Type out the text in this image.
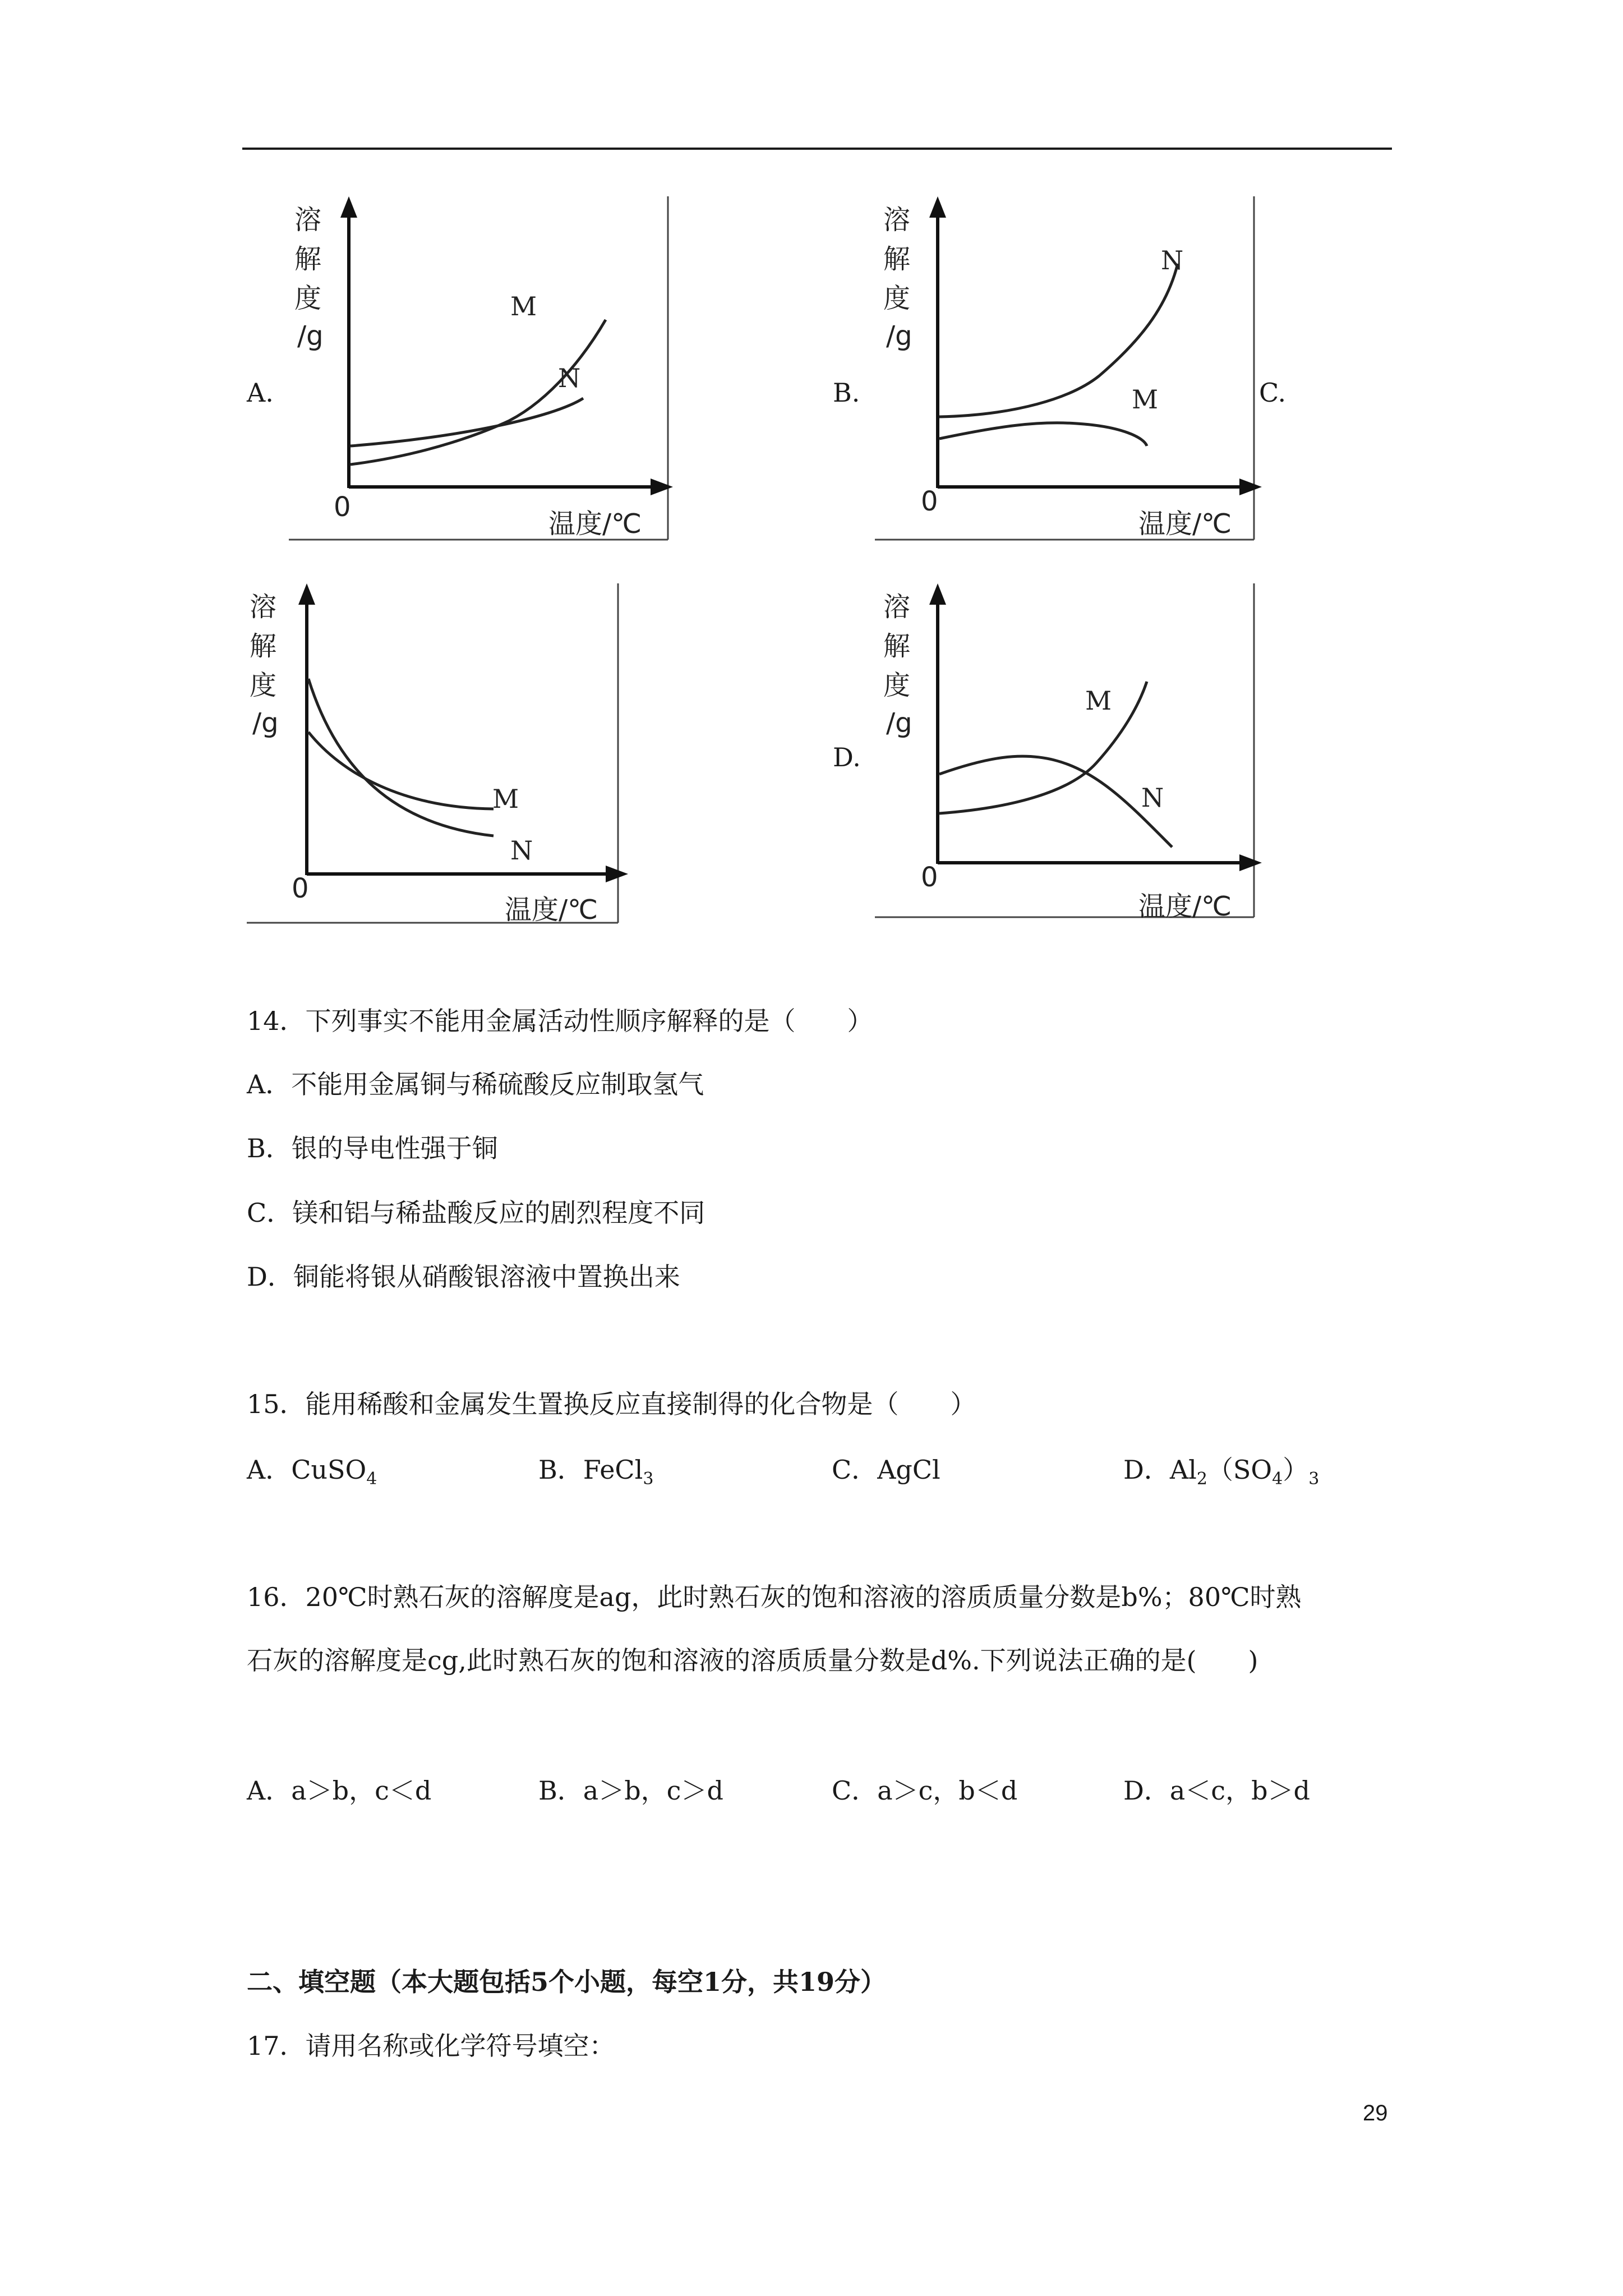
A.
溶
解
度
/g
0
温度/℃
M
N	B.
溶
解
度
/g
0
温度/℃
N
M	C.
溶
解
度
/g
0
温度/℃
M
N
D.
溶
解
度
/g
0
温度/℃
M
N
14．下列事实不能用金属活动性顺序解释的是（　　）
A．不能用金属铜与稀硫酸反应制取氢气
B．银的导电性强于铜
C．镁和铝与稀盐酸反应的剧烈程度不同
D．铜能将银从硝酸银溶液中置换出来
15．能用稀酸和金属发生置换反应直接制得的化合物是（　　）
A．CuSO$_4$	B．FeCl$_3$	C．AgCl	D．$Al_2(SO_4)_3$
16．20℃时熟石灰的溶解度是ag，此时熟石灰的饱和溶液的溶质质量分数是b%；80℃时熟
石灰的溶解度是cg,此时熟石灰的饱和溶液的溶质质量分数是d%.下列说法正确的是(　　)
A．a＞b，c＜d	B．a＞b，c＞d	C．a＞c，b＜d	D．a＜c，b＞d
二、填空题（本大题包括5个小题，每空1分，共19分）
17．请用名称或化学符号填空：
29
